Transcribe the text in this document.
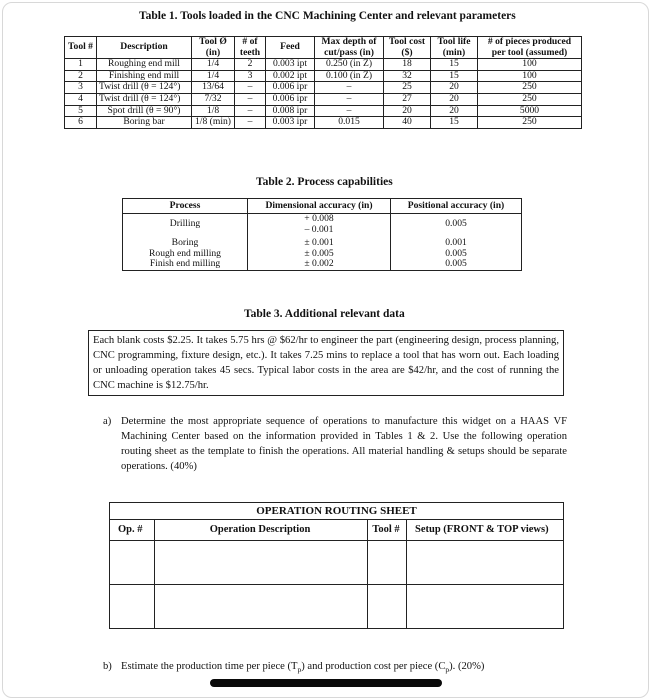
Table 1. Tools loaded in the CNC Machining Center and relevant parameters
Tool #	Description	Tool Ø (in)	# of teeth	Feed	Max depth of cut/pass (in)	Tool cost ($)	Tool life (min)	# of pieces produced per tool (assumed)
1	Roughing end mill	1/4	2	0.003 ipt	0.250 (in Z)	18	15	100
2	Finishing end mill	1/4	3	0.002 ipt	0.100 (in Z)	32	15	100
3	Twist drill (θ = 124°)	13/64	–	0.006 ipr	–	25	20	250
4	Twist drill (θ = 124°)	7/32	–	0.006 ipr	–	27	20	250
5	Spot drill (θ = 90°)	1/8	–	0.008 ipr	–	20	20	5000
6	Boring bar	1/8 (min)	–	0.003 ipr	0.015	40	15	250
Table 2. Process capabilities
Process	Dimensional accuracy (in)	Positional accuracy (in)
Drilling	+ 0.008	0.005
	– 0.001	
Boring	± 0.001	0.001
Rough end milling	± 0.005	0.005
Finish end milling	± 0.002	0.005
Table 3. Additional relevant data
Each blank costs $2.25. It takes 5.75 hrs @ $62/hr to engineer the part (engineering design, process planning, CNC programming, fixture design, etc.). It takes 7.25 mins to replace a tool that has worn out. Each loading or unloading operation takes 45 secs. Typical labor costs in the area are $42/hr, and the cost of running the CNC machine is $12.75/hr.
a) Determine the most appropriate sequence of operations to manufacture this widget on a HAAS VF Machining Center based on the information provided in Tables 1 & 2. Use the following operation routing sheet as the template to finish the operations. All material handling & setups should be separate operations. (40%)
OPERATION ROUTING SHEET			
Op. #	Operation Description	Tool #	Setup (FRONT & TOP views)

b) Estimate the production time per piece $(T_p)$ and production cost per piece $(C_p)$. (20%)
